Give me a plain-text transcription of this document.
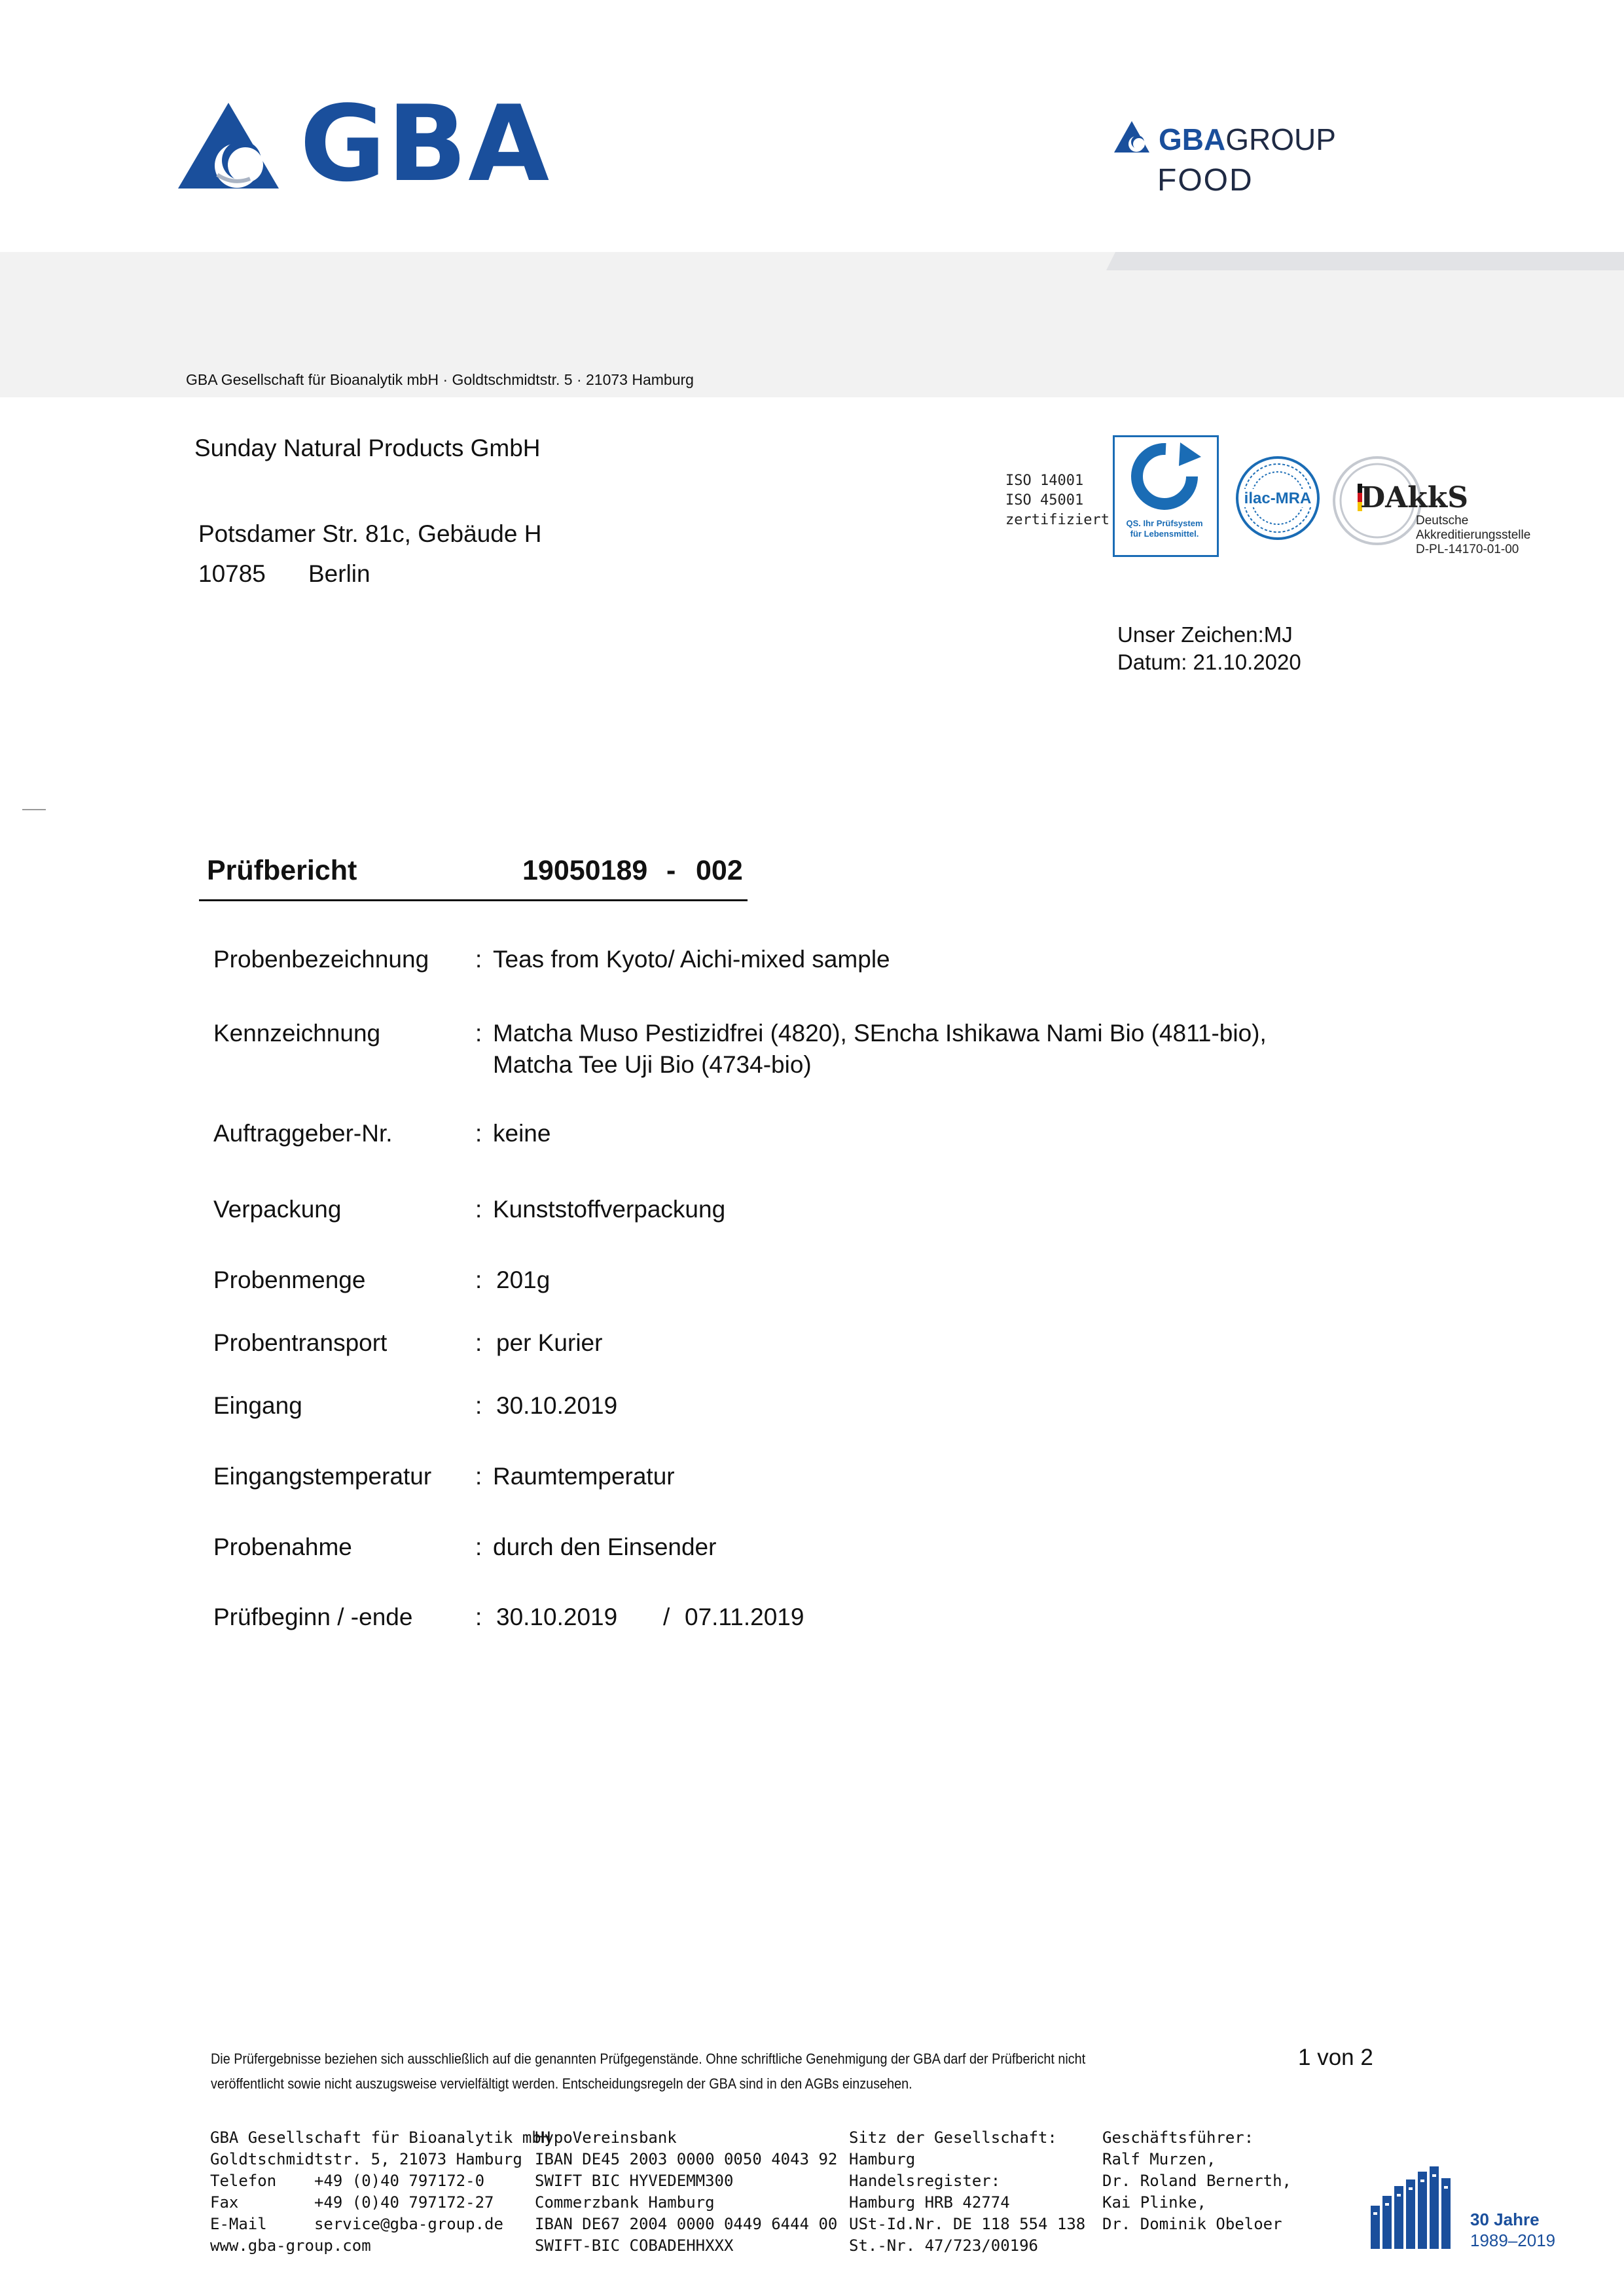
GBA	GBAGROUP
FOOD
GBA Gesellschaft für Bioanalytik mbH · Goldtschmidtstr. 5 · 21073 Hamburg
Sunday Natural Products GmbH
Potsdamer Str. 81c, Gebäude H
10785 Berlin
ISO 14001
ISO 45001
zertifiziert	QS. Ihr Prüfsystem
für Lebensmittel.
ilac-MRA DAkkS
Deutsche
Akkreditierungsstelle
D-PL-14170-01-00
Unser Zeichen:MJ
Datum: 21.10.2020
Prüfbericht	19050189 - 002
Probenbezeichnung : Teas from Kyoto/ Aichi-mixed sample
Kennzeichnung	: Matcha Muso Pestizidfrei (4820), SEncha Ishikawa Nami Bio (4811-bio),
Matcha Tee Uji Bio (4734-bio)
Auftraggeber-Nr.	: keine
Verpackung	: Kunststoffverpackung
Probenmenge	: 201g
Probentransport	: per Kurier
Eingang	: 30.10.2019
Eingangstemperatur : Raumtemperatur
Probenahme	: durch den Einsender
Prüfbeginn / -ende	: 30.10.2019 / 07.11.2019
Die Prüfergebnisse beziehen sich ausschließlich auf die genannten Prüfgegenstände. Ohne schriftliche Genehmigung der GBA darf der Prüfbericht nicht
veröffentlicht sowie nicht auszugsweise vervielfältigt werden. Entscheidungsregeln der GBA sind in den AGBs einzusehen.
1 von 2
GBA Gesellschaft für Bioanalytik mbH
Goldtschmidtstr. 5, 21073 Hamburg
Telefon    +49 (0)40 797172-0
Fax        +49 (0)40 797172-27
E-Mail     service@gba-group.de
www.gba-group.com
HypoVereinsbank
IBAN DE45 2003 0000 0050 4043 92
SWIFT BIC HYVEDEMM300
Commerzbank Hamburg
IBAN DE67 2004 0000 0449 6444 00
SWIFT-BIC COBADEHHXXX
Sitz der Gesellschaft:
Hamburg
Handelsregister:
Hamburg HRB 42774
USt-Id.Nr. DE 118 554 138
St.-Nr. 47/723/00196
Geschäftsführer:
Ralf Murzen,
Dr. Roland Bernerth,
Kai Plinke,
Dr. Dominik Obeloer	30 Jahre
1989–2019
